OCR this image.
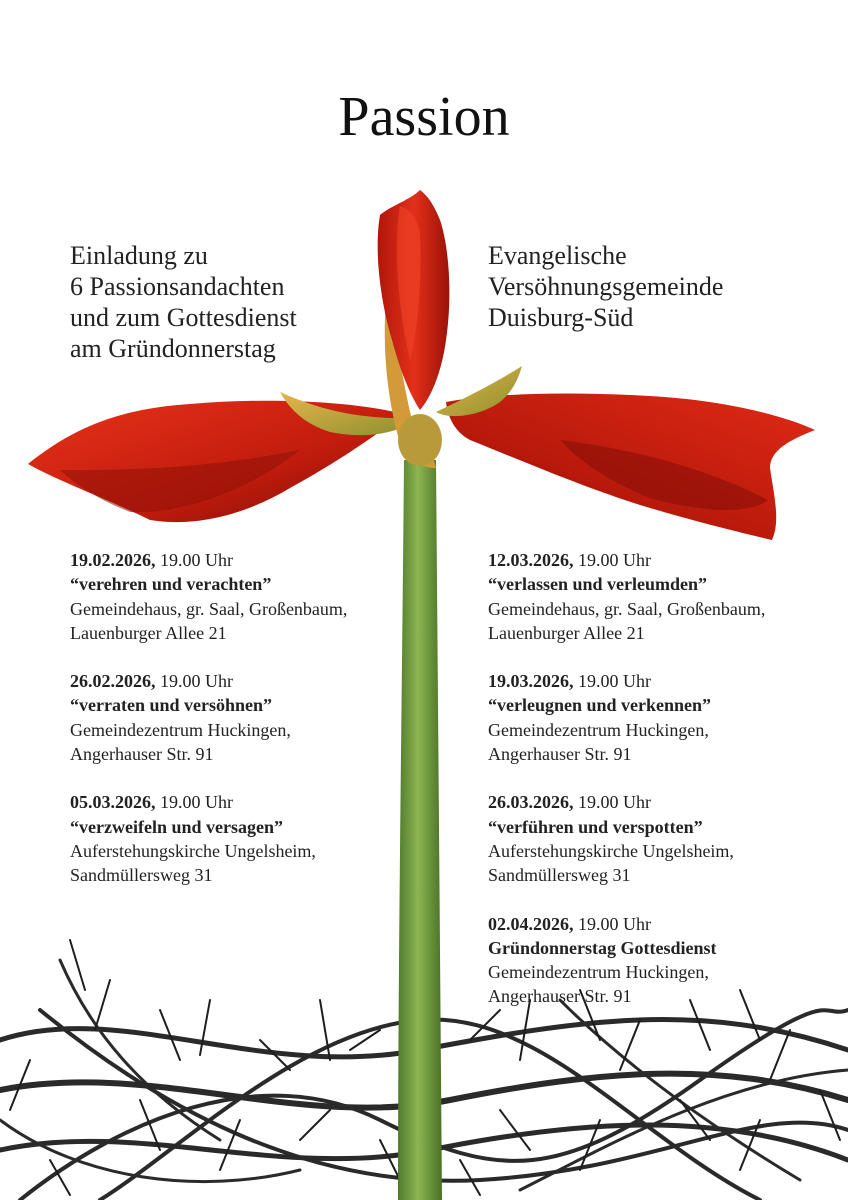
Passion
Einladung zu
6 Passionsandachten
und zum Gottesdienst
am Gründonnerstag
Evangelische
Versöhnungsgemeinde
Duisburg-Süd
19.02.2026, 19.00 Uhr
“verehren und verachten”
Gemeindehaus, gr. Saal, Großenbaum,
Lauenburger Allee 21
26.02.2026, 19.00 Uhr
“verraten und versöhnen”
Gemeindezentrum Huckingen,
Angerhauser Str. 91
05.03.2026, 19.00 Uhr
“verzweifeln und versagen”
Auferstehungskirche Ungelsheim,
Sandmüllersweg 31
12.03.2026, 19.00 Uhr
“verlassen und verleumden”
Gemeindehaus, gr. Saal, Großenbaum,
Lauenburger Allee 21
19.03.2026, 19.00 Uhr
“verleugnen und verkennen”
Gemeindezentrum Huckingen,
Angerhauser Str. 91
26.03.2026, 19.00 Uhr
“verführen und verspotten”
Auferstehungskirche Ungelsheim,
Sandmüllersweg 31
02.04.2026, 19.00 Uhr
Gründonnerstag Gottesdienst
Gemeindezentrum Huckingen,
Angerhauser Str. 91
